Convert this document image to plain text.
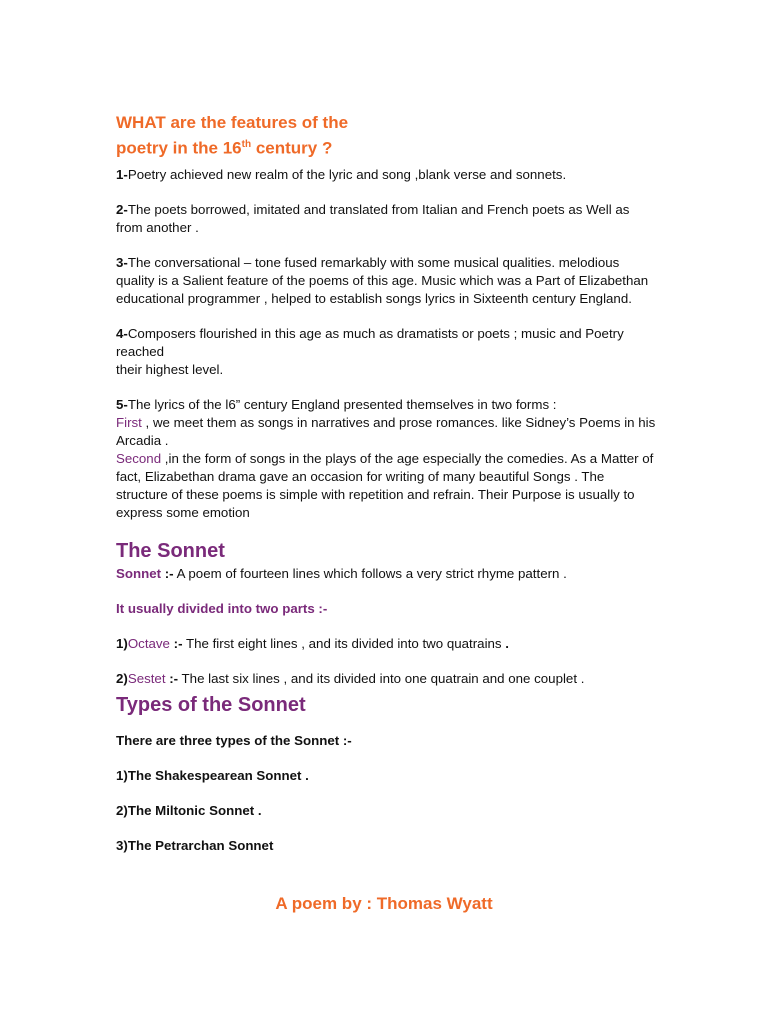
WHAT are the features of the
poetry in the 16th century ?

1-Poetry achieved new realm of the lyric and song ,blank verse and sonnets.

2-The poets borrowed, imitated and translated from Italian and French poets as Well as from another .

3-The conversational – tone fused remarkably with some musical qualities. melodious quality is a Salient feature of the poems of this age. Music which was a Part of Elizabethan educational programmer , helped to establish songs lyrics in Sixteenth century England.

4-Composers flourished in this age as much as dramatists or poets ; music and Poetry reached
their highest level.

5-The lyrics of the l6” century England presented themselves in two forms :
First , we meet them as songs in narratives and prose romances. like Sidney’s Poems in his Arcadia .
Second ,in the form of songs in the plays of the age especially the comedies. As a Matter of fact, Elizabethan drama gave an occasion for writing of many beautiful Songs . The structure of these poems is simple with repetition and refrain. Their Purpose is usually to express some emotion

The Sonnet

Sonnet :- A poem of fourteen lines which follows a very strict rhyme pattern .

It usually divided into two parts :-

1)Octave :- The first eight lines , and its divided into two quatrains .

2)Sestet :- The last six lines , and its divided into one quatrain and one couplet .

Types of the Sonnet

There are three types of the Sonnet :-

1)The Shakespearean Sonnet .

2)The Miltonic Sonnet .

3)The Petrarchan Sonnet

A poem by : Thomas Wyatt
